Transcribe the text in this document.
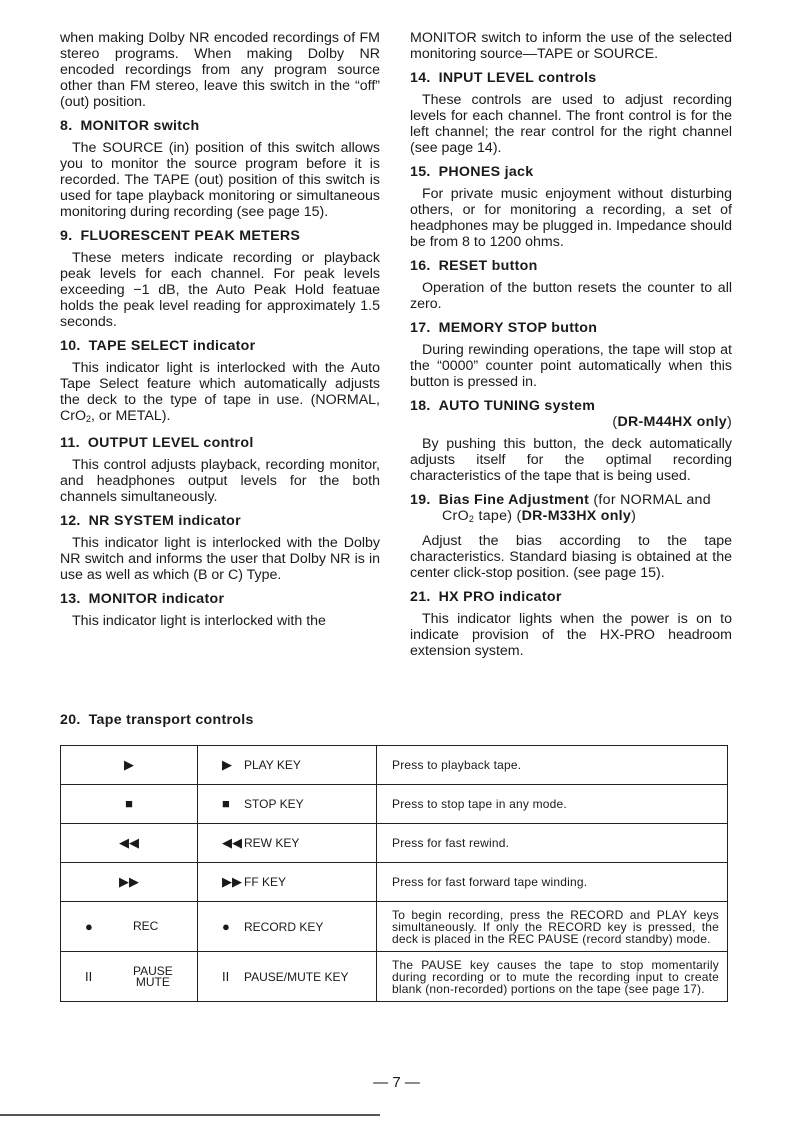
when making Dolby NR encoded recordings of FM stereo programs. When making Dolby NR encoded recordings from any program source other than FM stereo, leave this switch in the “off” (out) position.

8. MONITOR switch

The SOURCE (in) position of this switch allows you to monitor the source program before it is recorded. The TAPE (out) position of this switch is used for tape playback monitoring or simultaneous monitoring during recording (see page 15).

9. FLUORESCENT PEAK METERS

These meters indicate recording or playback peak levels for each channel. For peak levels exceeding −1 dB, the Auto Peak Hold featuae holds the peak level reading for approximately 1.5 seconds.

10. TAPE SELECT indicator

This indicator light is interlocked with the Auto Tape Select feature which automatically adjusts the deck to the type of tape in use. (NORMAL, CrO$_2$, or METAL).

11. OUTPUT LEVEL control

This control adjusts playback, recording monitor, and headphones output levels for the both channels simultaneously.

12. NR SYSTEM indicator

This indicator light is interlocked with the Dolby NR switch and informs the user that Dolby NR is in use as well as which (B or C) Type.

13. MONITOR indicator

This indicator light is interlocked with the

MONITOR switch to inform the use of the selected monitoring source—TAPE or SOURCE.

14. INPUT LEVEL controls

These controls are used to adjust recording levels for each channel. The front control is for the left channel; the rear control for the right channel (see page 14).

15. PHONES jack

For private music enjoyment without disturbing others, or for monitoring a recording, a set of headphones may be plugged in. Impedance should be from 8 to 1200 ohms.

16. RESET button

Operation of the button resets the counter to all zero.

17. MEMORY STOP button

During rewinding operations, the tape will stop at the “0000” counter point automatically when this button is pressed in.

18. AUTO TUNING system
(DR-M44HX only)

By pushing this button, the deck automatically adjusts itself for the optimal recording characteristics of the tape that is being used.

19. Bias Fine Adjustment (for NORMAL and
CrO$_2$ tape) (DR-M33HX only)

Adjust the bias according to the tape characteristics. Standard biasing is obtained at the center click-stop position. (see page 15).

21. HX PRO indicator

This indicator lights when the power is on to indicate provision of the HX-PRO headroom extension system.

20. Tape transport controls
▶	▶ PLAY KEY	Press to playback tape.
■	■ STOP KEY	Press to stop tape in any mode.
◀◀	◀◀ REW KEY	Press for fast rewind.
▶▶	▶▶ FF KEY	Press for fast forward tape winding.

● REC	● RECORD KEY	To begin recording, press the RECORD and PLAY keys simultaneously. If only the RECORD key is pressed, the deck is placed in the REC PAUSE (record standby) mode.

II PAUSE
MUTE	II PAUSE/MUTE KEY	The PAUSE key causes the tape to stop momentarily during recording or to mute the recording input to create blank (non-recorded) portions on the tape (see page 17).
— 7 —
